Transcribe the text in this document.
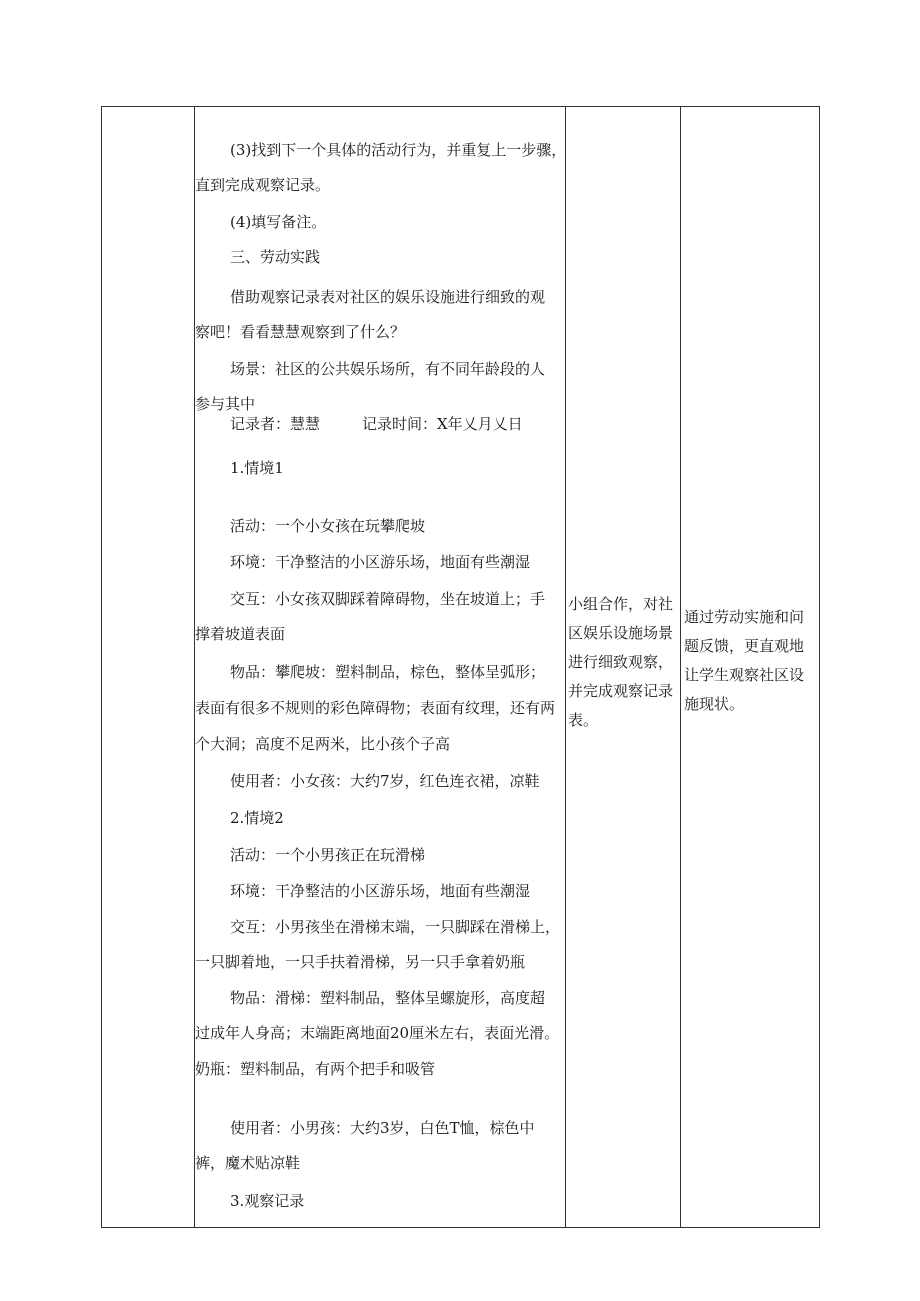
(3)找到下一个具体的活动行为，并重复上一步骤，
直到完成观察记录。
(4)填写备注。
三、劳动实践
借助观察记录表对社区的娱乐设施进行细致的观
察吧！看看慧慧观察到了什么？
场景：社区的公共娱乐场所，有不同年龄段的人
参与其中
记录者：慧慧	记录时间：X年乂月乂日
1.情境1
活动：一个小女孩在玩攀爬坡
环境：干净整洁的小区游乐场，地面有些潮湿
交互：小女孩双脚踩着障碍物，坐在坡道上；手
撑着坡道表面
物品：攀爬坡：塑料制品，棕色，整体呈弧形；
表面有很多不规则的彩色障碍物；表面有纹理，还有两
个大洞；高度不足两米，比小孩个子高
使用者：小女孩：大约7岁，红色连衣裙，凉鞋
2.情境2
活动：一个小男孩正在玩滑梯
环境：干净整洁的小区游乐场，地面有些潮湿
交互：小男孩坐在滑梯末端，一只脚踩在滑梯上，
一只脚着地，一只手扶着滑梯，另一只手拿着奶瓶
物品：滑梯：塑料制品，整体呈螺旋形，高度超
过成年人身高；末端距离地面20厘米左右，表面光滑。
奶瓶：塑料制品，有两个把手和吸管
使用者：小男孩：大约3岁，白色T恤，棕色中
裤，魔术贴凉鞋
3.观察记录
小组合作，对社
区娱乐设施场景
进行细致观察，
并完成观察记录
表。
通过劳动实施和问
题反馈，更直观地
让学生观察社区设
施现状。
